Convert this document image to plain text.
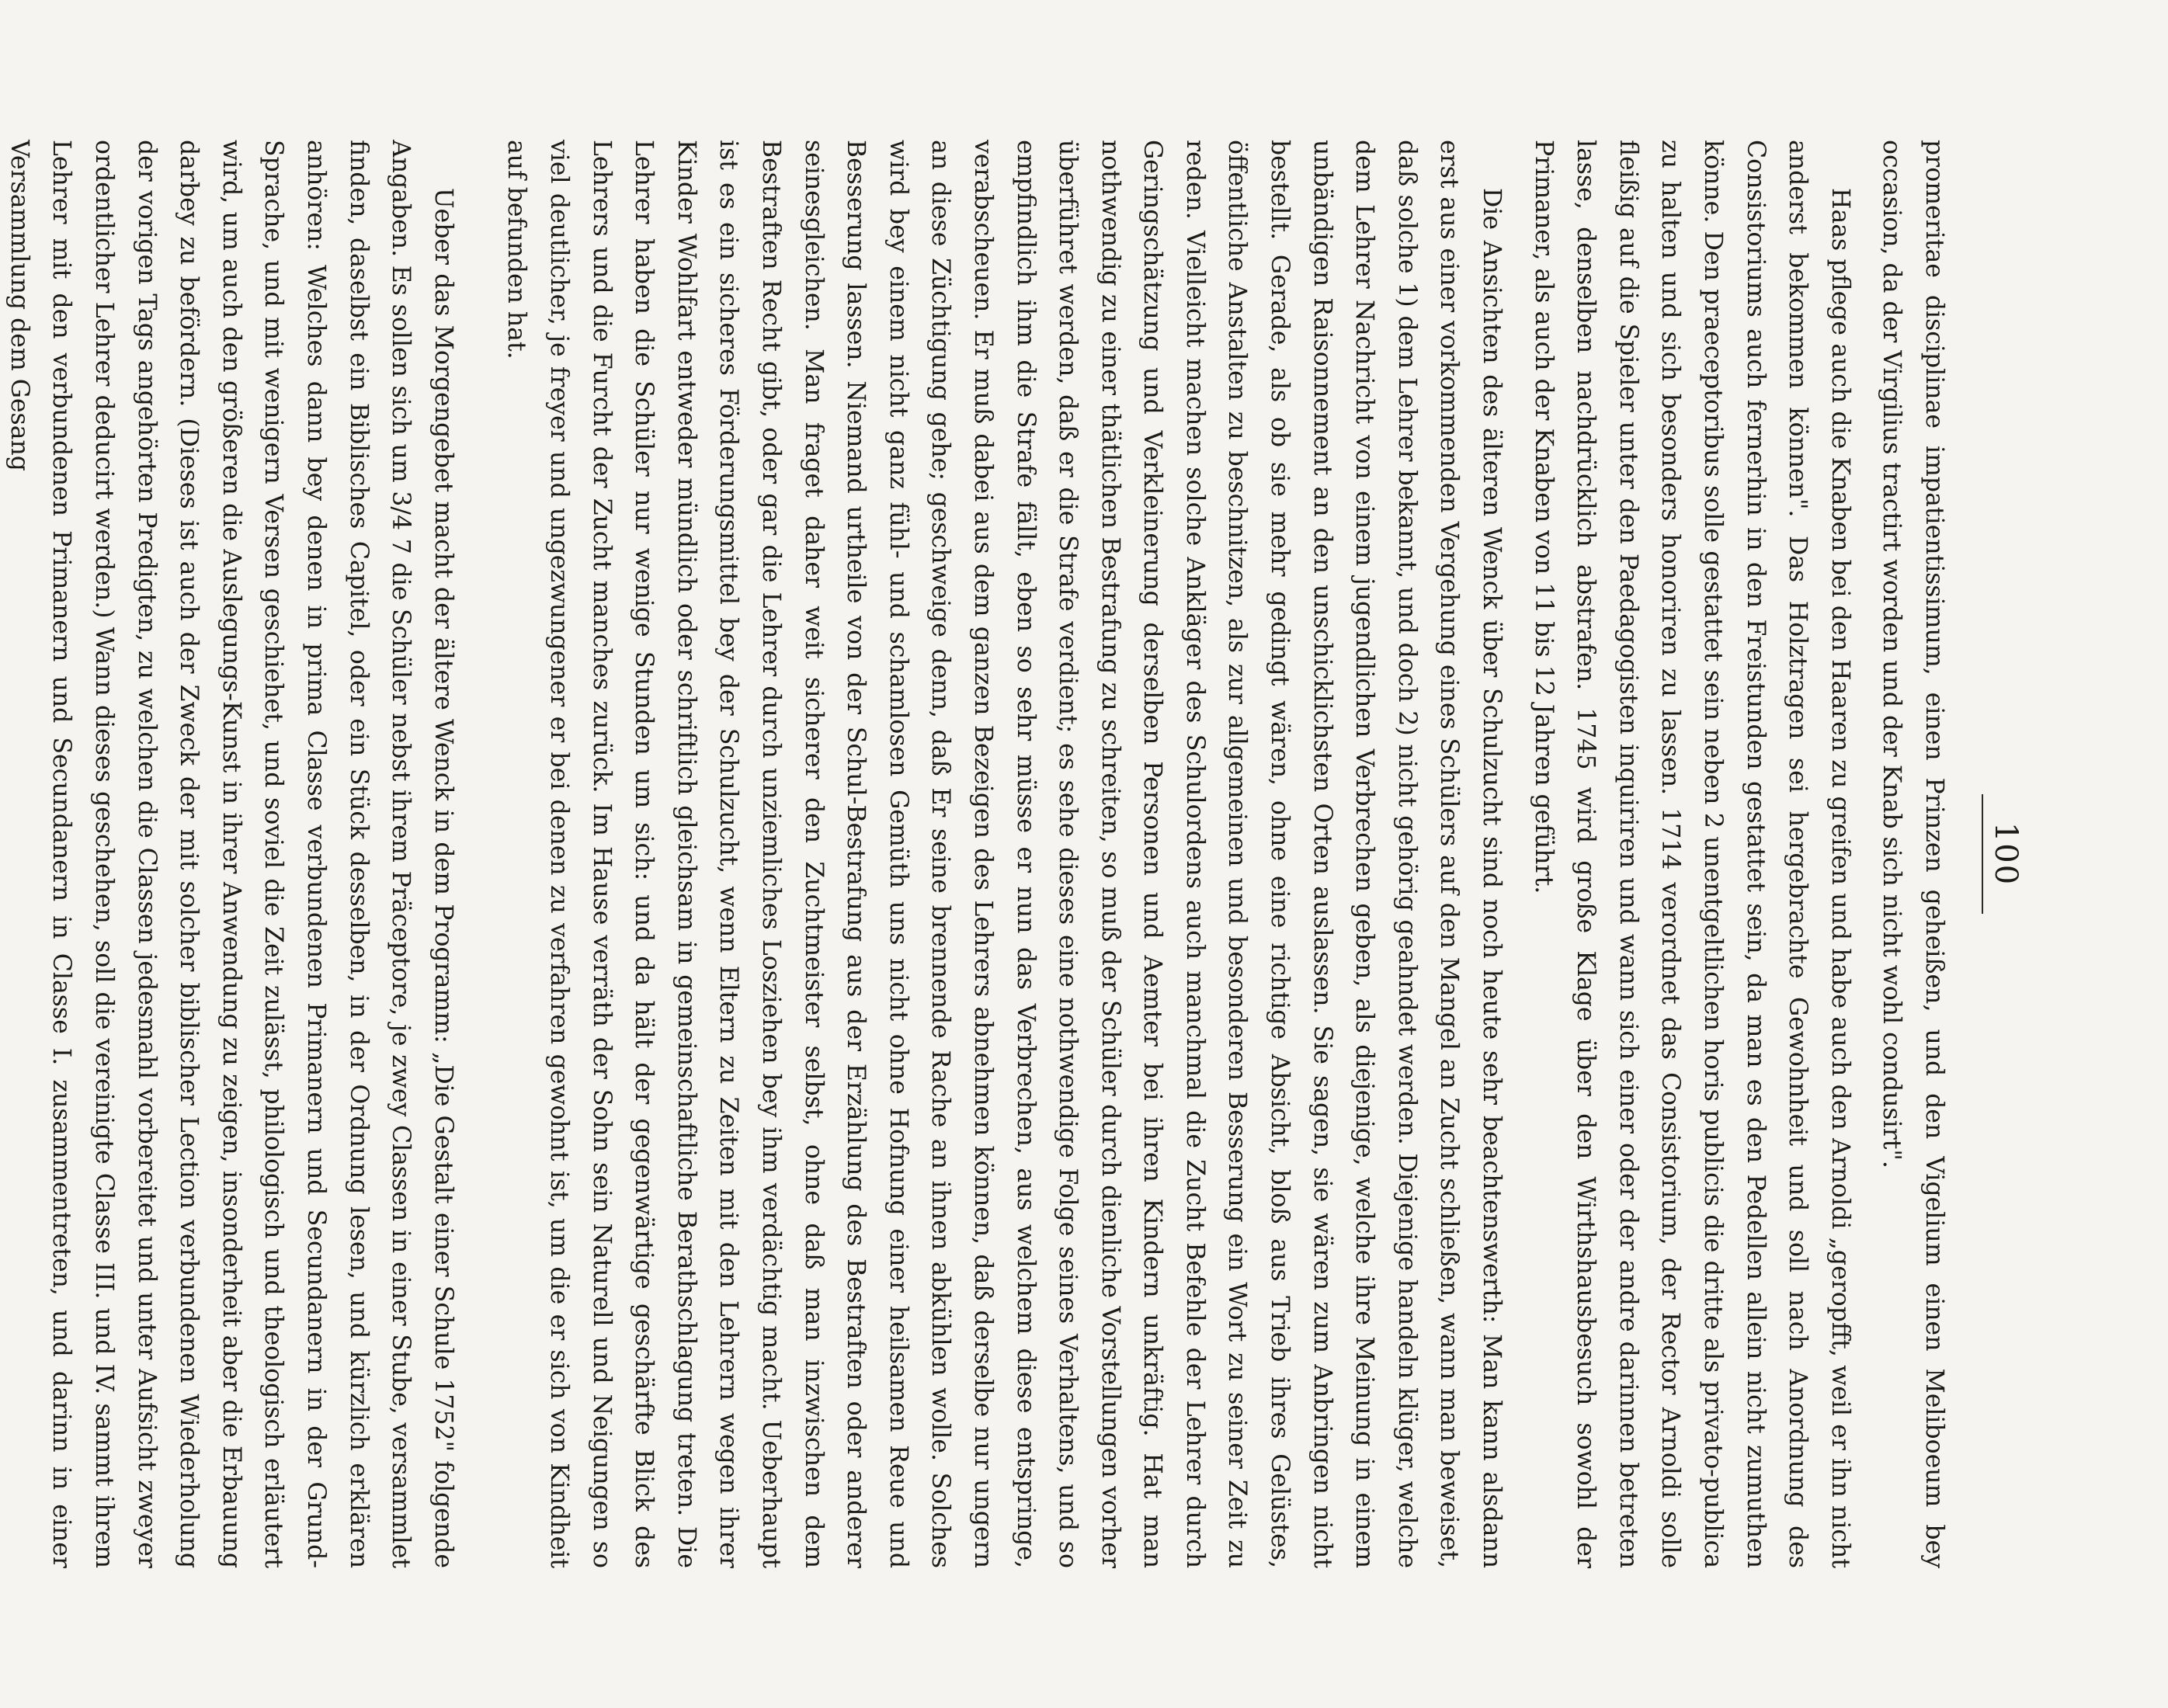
100

promeritae disciplinae impatientissimum, einen Prinzen geheißen, und den Vigelium einen Meliboeum bey occasion, da der Virgilius tractirt worden und der Knab sich nicht wohl condusirt".

Haas pflege auch die Knaben bei den Haaren zu greifen und habe auch den Arnoldi „geropfft, weil er ihn nicht anderst bekommen können". Das Holztragen sei hergebrachte Gewohnheit und soll nach Anordnung des Consistoriums auch fernerhin in den Freistunden gestattet sein, da man es den Pedellen allein nicht zumuthen könne. Den praeceptoribus solle gestattet sein neben 2 unentgeltlichen horis publicis die dritte als privato-publica zu halten und sich besonders honoriren zu lassen. 1714 verordnet das Consistorium, der Rector Arnoldi solle fleißig auf die Spieler unter den Paedagogisten inquiriren und wann sich einer oder der andre darinnen betreten lasse, denselben nachdrücklich abstrafen. 1745 wird große Klage über den Wirthshausbesuch sowohl der Primaner, als auch der Knaben von 11 bis 12 Jahren geführt.

Die Ansichten des älteren Wenck über Schulzucht sind noch heute sehr beachtenswerth: Man kann alsdann erst aus einer vorkommenden Vergehung eines Schülers auf den Mangel an Zucht schließen, wann man beweiset, daß solche 1) dem Lehrer bekannt, und doch 2) nicht gehörig geahndet werden. Diejenige handeln klüger, welche dem Lehrer Nachricht von einem jugendlichen Verbrechen geben, als diejenige, welche ihre Meinung in einem unbändigen Raisonnement an den unschicklichsten Orten auslassen. Sie sagen, sie wären zum Anbringen nicht bestellt. Gerade, als ob sie mehr gedingt wären, ohne eine richtige Absicht, bloß aus Trieb ihres Gelüstes, öffentliche Anstalten zu beschnitzen, als zur allgemeinen und besonderen Besserung ein Wort zu seiner Zeit zu reden. Vielleicht machen solche Ankläger des Schulordens auch manchmal die Zucht Befehle der Lehrer durch Geringschätzung und Verkleinerung derselben Personen und Aemter bei ihren Kindern unkräftig. Hat man nothwendig zu einer thätlichen Bestrafung zu schreiten, so muß der Schüler durch dienliche Vorstellungen vorher überführet werden, daß er die Strafe verdient; es sehe dieses eine nothwendige Folge seines Verhaltens, und so empfindlich ihm die Strafe fällt, eben so sehr müsse er nun das Verbrechen, aus welchem diese entspringe, verabscheuen. Er muß dabei aus dem ganzen Bezeigen des Lehrers abnehmen können, daß derselbe nur ungern an diese Züchtigung gehe; geschweige denn, daß Er seine brennende Rache an ihnen abkühlen wolle. Solches wird bey einem nicht ganz fühl- und schamlosen Gemüth uns nicht ohne Hofnung einer heilsamen Reue und Besserung lassen. Niemand urtheile von der Schul-Bestrafung aus der Erzählung des Bestraften oder anderer seinesgleichen. Man fraget daher weit sicherer den Zuchtmeister selbst, ohne daß man inzwischen dem Bestraften Recht gibt, oder gar die Lehrer durch unziemliches Losziehen bey ihm verdächtig macht. Ueberhaupt ist es ein sicheres Förderungsmittel bey der Schulzucht, wenn Eltern zu Zeiten mit den Lehrern wegen ihrer Kinder Wohlfart entweder mündlich oder schriftlich gleichsam in gemeinschaftliche Berathschlagung treten. Die Lehrer haben die Schüler nur wenige Stunden um sich: und da hält der gegenwärtige geschärfte Blick des Lehrers und die Furcht der Zucht manches zurück. Im Hause verräth der Sohn sein Naturell und Neigungen so viel deutlicher, je freyer und ungezwungener er bei denen zu verfahren gewohnt ist, um die er sich von Kindheit auf befunden hat.

Ueber das Morgengebet macht der ältere Wenck in dem Programm: „Die Gestalt einer Schule 1752" folgende Angaben. Es sollen sich um 3/4 7 die Schüler nebst ihrem Präceptore, je zwey Classen in einer Stube, versammlet finden, daselbst ein Biblisches Capitel, oder ein Stück desselben, in der Ordnung lesen, und kürzlich erklären anhören: Welches dann bey denen in prima Classe verbundenen Primanern und Secundanern in der Grund-Sprache, und mit wenigern Versen geschiehet, und soviel die Zeit zulässt, philologisch und theologisch erläutert wird, um auch den größeren die Auslegungs-Kunst in ihrer Anwendung zu zeigen, insonderheit aber die Erbauung darbey zu befördern. (Dieses ist auch der Zweck der mit solcher biblischer Lection verbundenen Wiederholung der vorigen Tags angehörten Predigten, zu welchen die Classen jedesmahl vorbereitet und unter Aufsicht zweyer ordentlicher Lehrer deducirt werden.) Wann dieses geschehen, soll die vereinigte Classe III. und IV. sammt ihrem Lehrer mit den verbundenen Primanern und Secundanern in Classe I. zusammentreten, und darinn in einer Versammlung dem Gesang
